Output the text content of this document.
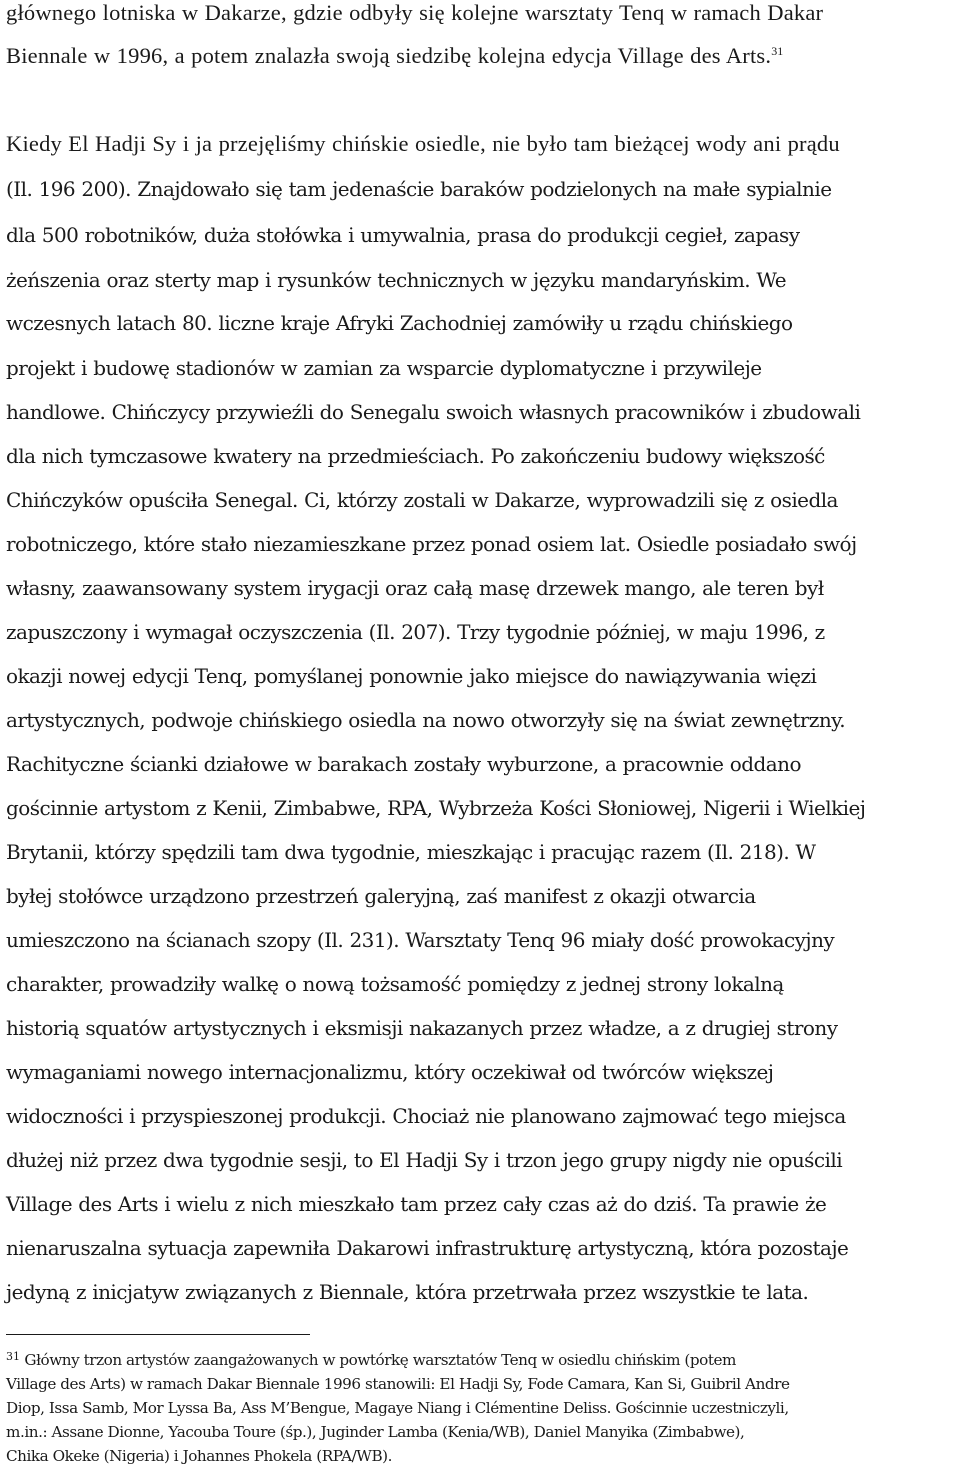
głównego lotniska w Dakarze, gdzie odbyły się kolejne warsztaty Tenq w ramach Dakar
Biennale w 1996, a potem znalazła swoją siedzibę kolejna edycja Village des Arts.$^{31}$
Kiedy El Hadji Sy i ja przejęliśmy chińskie osiedle, nie było tam bieżącej wody ani prądu
(Il. 196 200). Znajdowało się tam jedenaście baraków podzielonych na małe sypialnie
dla 500 robotników, duża stołówka i umywalnia, prasa do produkcji cegieł, zapasy
żeńszenia oraz sterty map i rysunków technicznych w języku mandaryńskim. We
wczesnych latach 80. liczne kraje Afryki Zachodniej zamówiły u rządu chińskiego
projekt i budowę stadionów w zamian za wsparcie dyplomatyczne i przywileje
handlowe. Chińczycy przywieźli do Senegalu swoich własnych pracowników i zbudowali
dla nich tymczasowe kwatery na przedmieściach. Po zakończeniu budowy większość
Chińczyków opuściła Senegal. Ci, którzy zostali w Dakarze, wyprowadzili się z osiedla
robotniczego, które stało niezamieszkane przez ponad osiem lat. Osiedle posiadało swój
własny, zaawansowany system irygacji oraz całą masę drzewek mango, ale teren był
zapuszczony i wymagał oczyszczenia (Il. 207). Trzy tygodnie później, w maju 1996, z
okazji nowej edycji Tenq, pomyślanej ponownie jako miejsce do nawiązywania więzi
artystycznych, podwoje chińskiego osiedla na nowo otworzyły się na świat zewnętrzny.
Rachityczne ścianki działowe w barakach zostały wyburzone, a pracownie oddano
gościnnie artystom z Kenii, Zimbabwe, RPA, Wybrzeża Kości Słoniowej, Nigerii i Wielkiej
Brytanii, którzy spędzili tam dwa tygodnie, mieszkając i pracując razem (Il. 218). W
byłej stołówce urządzono przestrzeń galeryjną, zaś manifest z okazji otwarcia
umieszczono na ścianach szopy (Il. 231). Warsztaty Tenq 96 miały dość prowokacyjny
charakter, prowadziły walkę o nową tożsamość pomiędzy z jednej strony lokalną
historią squatów artystycznych i eksmisji nakazanych przez władze, a z drugiej strony
wymaganiami nowego internacjonalizmu, który oczekiwał od twórców większej
widoczności i przyspieszonej produkcji. Chociaż nie planowano zajmować tego miejsca
dłużej niż przez dwa tygodnie sesji, to El Hadji Sy i trzon jego grupy nigdy nie opuścili
Village des Arts i wielu z nich mieszkało tam przez cały czas aż do dziś. Ta prawie że
nienaruszalna sytuacja zapewniła Dakarowi infrastrukturę artystyczną, która pozostaje
jedyną z inicjatyw związanych z Biennale, która przetrwała przez wszystkie te lata.
$^{31}$ Główny trzon artystów zaangażowanych w powtórkę warsztatów Tenq w osiedlu chińskim (potem
Village des Arts) w ramach Dakar Biennale 1996 stanowili: El Hadji Sy, Fode Camara, Kan Si, Guibril Andre
Diop, Issa Samb, Mor Lyssa Ba, Ass M’Bengue, Magaye Niang i Clémentine Deliss. Gościnnie uczestniczyli,
m.in.: Assane Dionne, Yacouba Toure (śp.), Juginder Lamba (Kenia/WB), Daniel Manyika (Zimbabwe),
Chika Okeke (Nigeria) i Johannes Phokela (RPA/WB).
